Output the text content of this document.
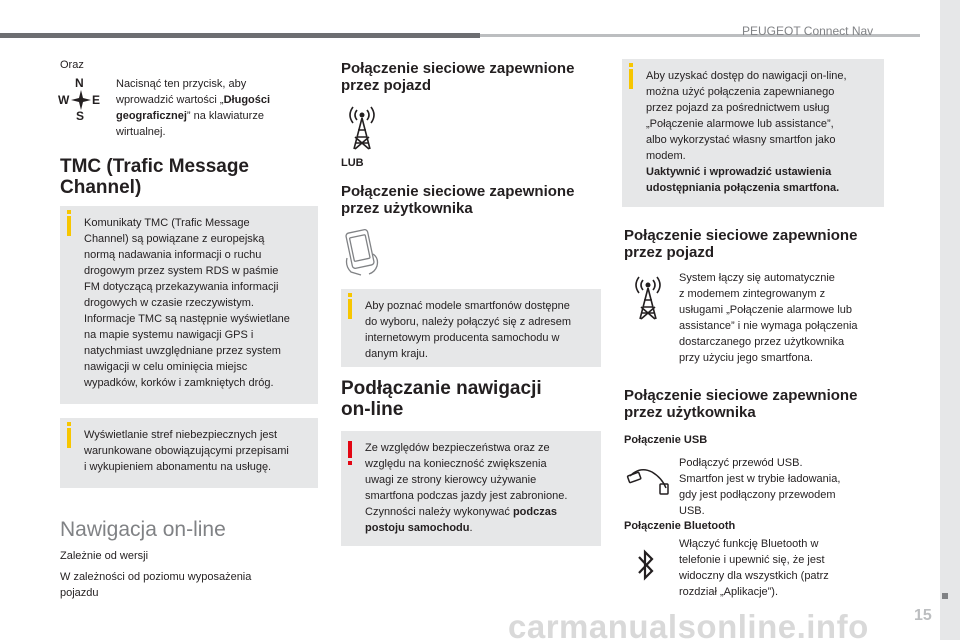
PEUGEOT Connect Nav
15
carmanualsonline.info
Oraz
N
W E
S
Nacisnąć ten przycisk, aby
wprowadzić wartości „Długości
geograficznej” na klawiaturze
wirtualnej.
TMC (Trafic Message
Channel)
Komunikaty TMC (Trafic Message
Channel) są powiązane z europejską
normą nadawania informacji o ruchu
drogowym przez system RDS w paśmie
FM dotyczącą przekazywania informacji
drogowych w czasie rzeczywistym.
Informacje TMC są następnie wyświetlane
na mapie systemu nawigacji GPS i
natychmiast uwzględniane przez system
nawigacji w celu ominięcia miejsc
wypadków, korków i zamkniętych dróg.
Wyświetlanie stref niebezpiecznych jest
warunkowane obowiązującymi przepisami
i wykupieniem abonamentu na usługę.
Nawigacja on-line
Zależnie od wersji
W zależności od poziomu wyposażenia
pojazdu
Połączenie sieciowe zapewnione
przez pojazd
LUB
Połączenie sieciowe zapewnione
przez użytkownika
Aby poznać modele smartfonów dostępne
do wyboru, należy połączyć się z adresem
internetowym producenta samochodu w
danym kraju.
Podłączanie nawigacji
on-line
Ze względów bezpieczeństwa oraz ze
względu na konieczność zwiększenia
uwagi ze strony kierowcy używanie
smartfona podczas jazdy jest zabronione.
Czynności należy wykonywać podczas
postoju samochodu.
Aby uzyskać dostęp do nawigacji on-line,
można użyć połączenia zapewnianego
przez pojazd za pośrednictwem usług
„Połączenie alarmowe lub assistance”,
albo wykorzystać własny smartfon jako
modem.
Uaktywnić i wprowadzić ustawienia
udostępniania połączenia smartfona.
Połączenie sieciowe zapewnione
przez pojazd
System łączy się automatycznie
z modemem zintegrowanym z
usługami „Połączenie alarmowe lub
assistance” i nie wymaga połączenia
dostarczanego przez użytkownika
przy użyciu jego smartfona.
Połączenie sieciowe zapewnione
przez użytkownika
Połączenie USB
Podłączyć przewód USB.
Smartfon jest w trybie ładowania,
gdy jest podłączony przewodem
USB.
Połączenie Bluetooth
Włączyć funkcję Bluetooth w
telefonie i upewnić się, że jest
widoczny dla wszystkich (patrz
rozdział „Aplikacje”).
